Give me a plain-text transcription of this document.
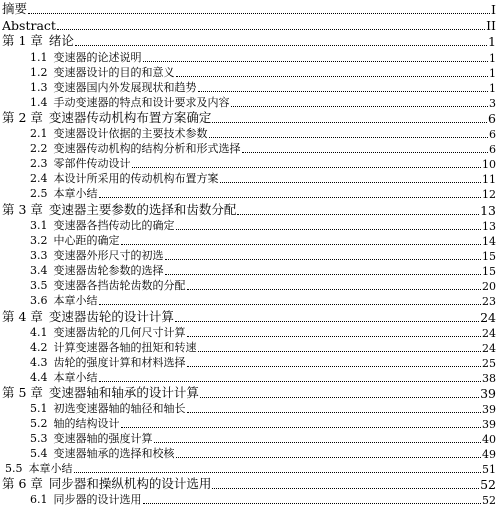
摘要	I
Abstract	II
第 1 章 绪论	1
1.1 变速器的论述说明	1
1.2 变速器设计的目的和意义	1
1.3 变速器国内外发展现状和趋势	1
1.4 手动变速器的特点和设计要求及内容	3
第 2 章 变速器传动机构布置方案确定	6
2.1 变速器设计依据的主要技术参数	6
2.2 变速器传动机构的结构分析和形式选择	6
2.3 零部件传动设计	10
2.4 本设计所采用的传动机构布置方案	11
2.5 本章小结	12
第 3 章 变速器主要参数的选择和齿数分配	13
3.1 变速器各挡传动比的确定	13
3.2 中心距的确定	14
3.3 变速器外形尺寸的初选	15
3.4 变速器齿轮参数的选择	15
3.5 变速器各挡齿轮齿数的分配	20
3.6 本章小结	23
第 4 章 变速器齿轮的设计计算	24
4.1 变速器齿轮的几何尺寸计算	24
4.2 计算变速器各轴的扭矩和转速	24
4.3 齿轮的强度计算和材料选择	25
4.4 本章小结	38
第 5 章 变速器轴和轴承的设计计算	39
5.1 初选变速器轴的轴径和轴长	39
5.2 轴的结构设计	39
5.3 变速器轴的强度计算	40
5.4 变速器轴承的选择和校核	49
5.5 本章小结	51
第 6 章 同步器和操纵机构的设计选用	52
6.1 同步器的设计选用	52
